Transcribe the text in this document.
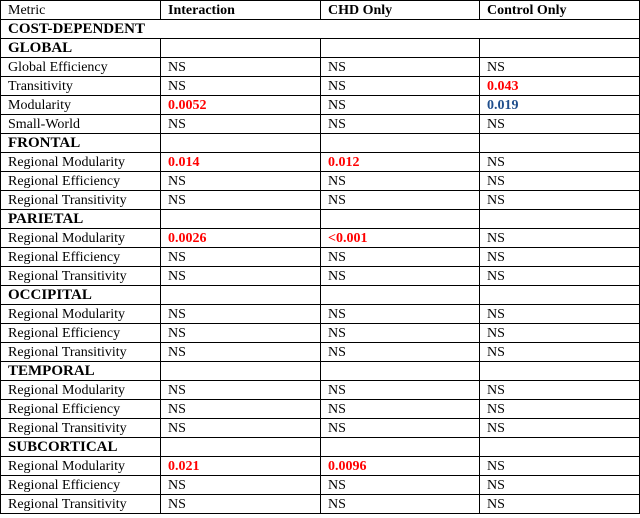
Metric	Interaction	CHD Only	Control Only
COST-DEPENDENT			
GLOBAL			
Global Efficiency	NS	NS	NS
Transitivity	NS	NS	0.043
Modularity	0.0052	NS	0.019
Small-World	NS	NS	NS
FRONTAL			
Regional Modularity	0.014	0.012	NS
Regional Efficiency	NS	NS	NS
Regional Transitivity	NS	NS	NS
PARIETAL			
Regional Modularity	0.0026	<0.001	NS
Regional Efficiency	NS	NS	NS
Regional Transitivity	NS	NS	NS
OCCIPITAL			
Regional Modularity	NS	NS	NS
Regional Efficiency	NS	NS	NS
Regional Transitivity	NS	NS	NS
TEMPORAL			
Regional Modularity	NS	NS	NS
Regional Efficiency	NS	NS	NS
Regional Transitivity	NS	NS	NS
SUBCORTICAL			
Regional Modularity	0.021	0.0096	NS
Regional Efficiency	NS	NS	NS
Regional Transitivity	NS	NS	NS
